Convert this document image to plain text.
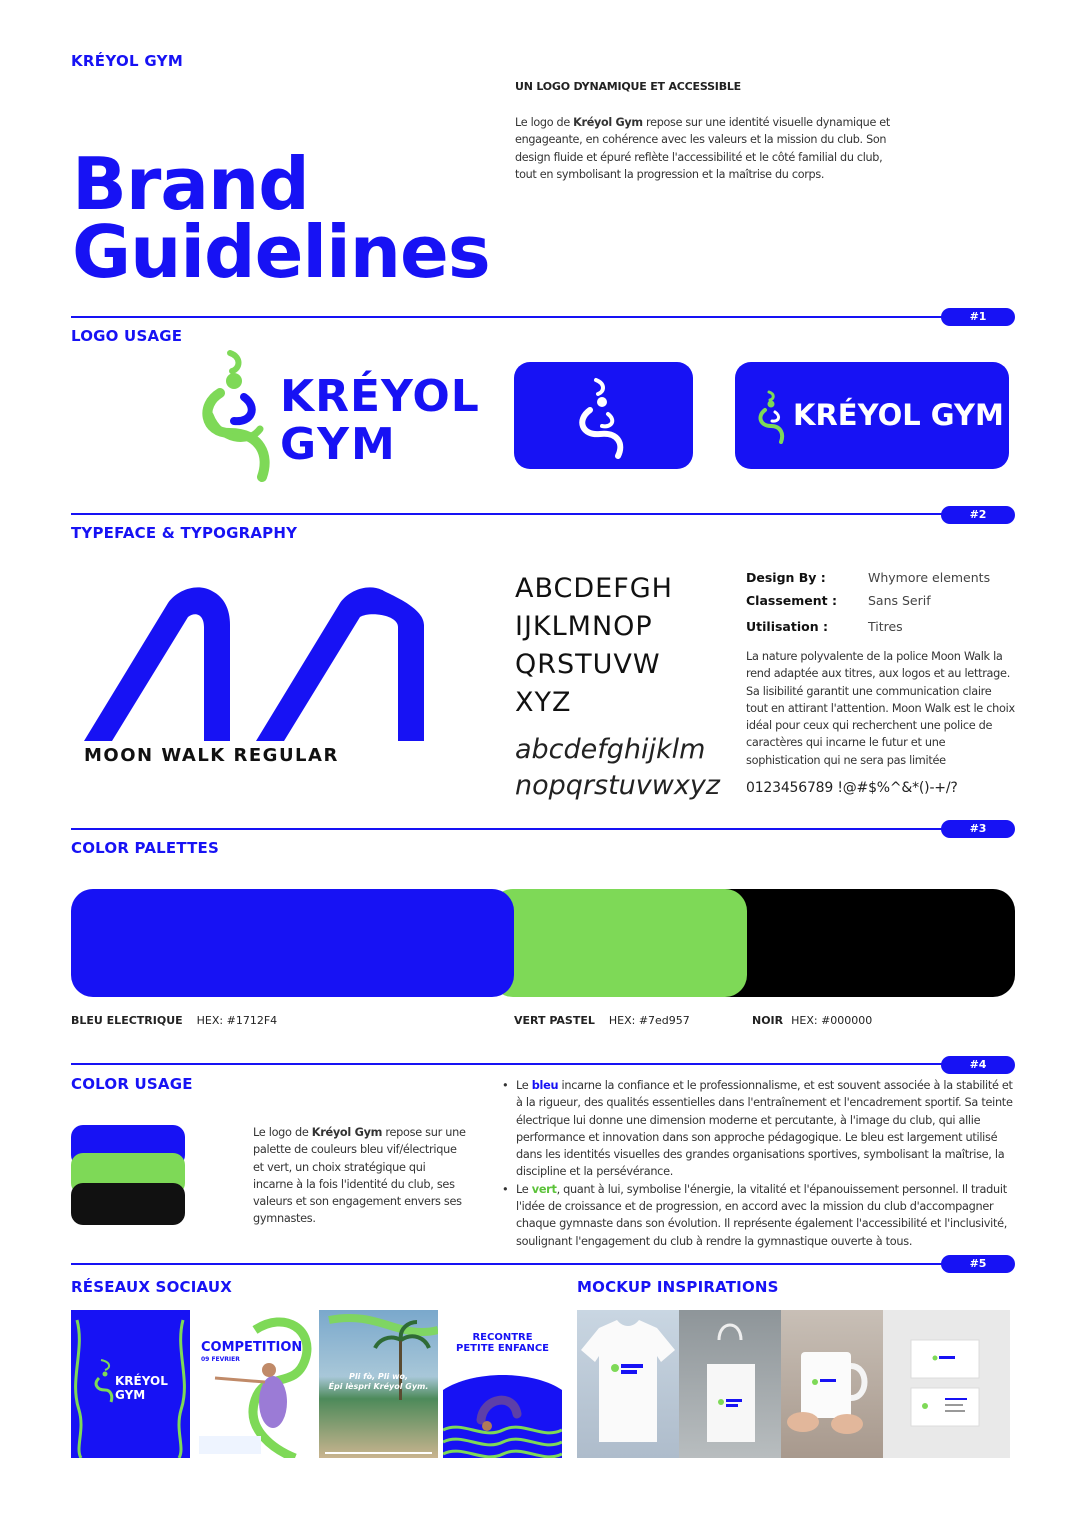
KRÉYOL GYM
Brand
Guidelines
UN LOGO DYNAMIQUE ET ACCESSIBLE
Le logo de Kréyol Gym repose sur une identité visuelle dynamique et engageante, en cohérence avec les valeurs et la mission du club. Son design fluide et épuré reflète l'accessibilité et le côté familial du club, tout en symbolisant la progression et la maîtrise du corps.
#1
LOGO USAGE
KRÉYOL
GYM
KRÉYOL GYM
#2
TYPEFACE & TYPOGRAPHY
MOON WALK REGULAR
ABCDEFGH
IJKLMNOP
QRSTUVW
XYZ
abcdefghijklm
nopqrstuvwxyz
Design By :	Whymore elements
Classement : Sans Serif
Utilisation :	Titres
La nature polyvalente de la police Moon Walk la rend adaptée aux titres, aux logos et au lettrage. Sa lisibilité garantit une communication claire tout en attirant l'attention. Moon Walk est le choix idéal pour ceux qui recherchent une police de caractères qui incarne le futur et une sophistication qui ne sera pas limitée
0123456789 !@#$%^&*()-+/?
#3
COLOR PALETTES
BLEU ELECTRIQUE HEX: #1712F4	VERT PASTEL HEX: #7ed957	NOIR HEX: #000000
#4
COLOR USAGE
Le logo de Kréyol Gym repose sur une palette de couleurs bleu vif/électrique et vert, un choix stratégique qui incarne à la fois l'identité du club, ses valeurs et son engagement envers ses gymnastes.
• Le bleu incarne la confiance et le professionnalisme, et est souvent associée à la stabilité et à la rigueur, des qualités essentielles dans l'entraînement et l'encadrement sportif. Sa teinte électrique lui donne une dimension moderne et percutante, à l'image du club, qui allie performance et innovation dans son approche pédagogique. Le bleu est largement utilisé dans les identités visuelles des grandes organisations sportives, symbolisant la maîtrise, la discipline et la persévérance.
• Le vert, quant à lui, symbolise l'énergie, la vitalité et l'épanouissement personnel. Il traduit l'idée de croissance et de progression, en accord avec la mission du club d'accompagner chaque gymnaste dans son évolution. Il représente également l'accessibilité et l'inclusivité, soulignant l'engagement du club à rendre la gymnastique ouverte à tous.
#5
RÉSEAUX SOCIAUX	MOCKUP INSPIRATIONS
KRÉYOL GYM
COMPETITION
09 FEVRIER
Pli fò, Pli wo,
Épi lèspri Kréyol Gym.
RECONTRE
PETITE ENFANCE
